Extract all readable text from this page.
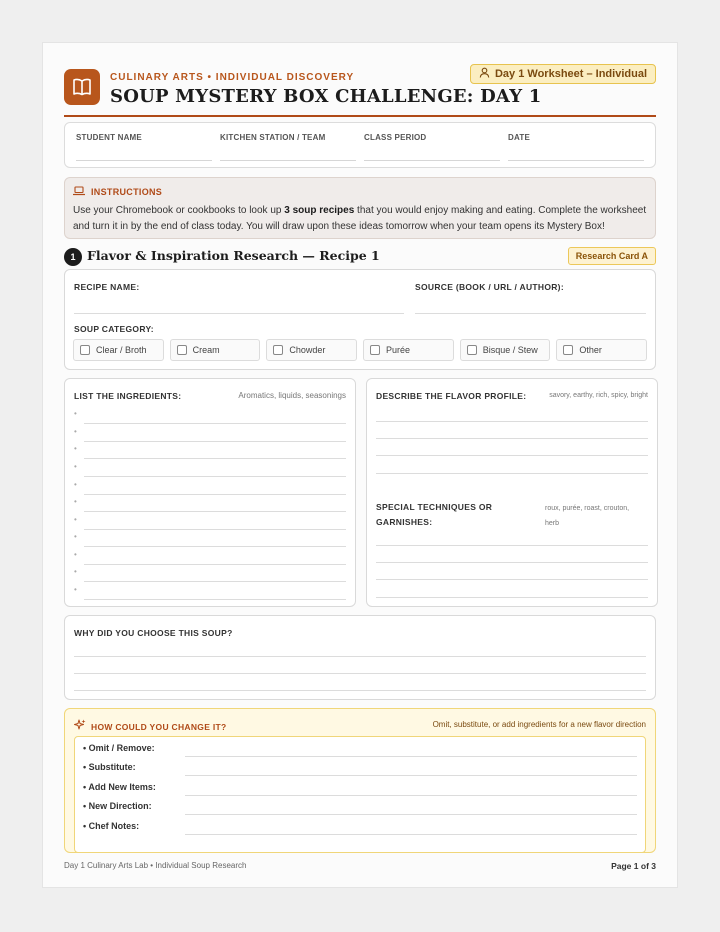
CULINARY ARTS • INDIVIDUAL DISCOVERY
SOUP MYSTERY BOX CHALLENGE: DAY 1
Day 1 Worksheet – Individual
STUDENT NAME	KITCHEN STATION / TEAM	CLASS PERIOD	DATE
INSTRUCTIONS
Use your Chromebook or cookbooks to look up 3 soup recipes that you would enjoy making and eating. Complete the worksheet and turn it in by the end of class today. You will draw upon these ideas tomorrow when your team opens its Mystery Box!
1 Flavor & Inspiration Research — Recipe 1	Research Card A
RECIPE NAME:	SOURCE (BOOK / URL / AUTHOR):
SOUP CATEGORY:
Clear / Broth	Cream	Chowder	Purée	Bisque / Stew	Other
LIST THE INGREDIENTS:	Aromatics, liquids, seasonings
•
•
•
•
•
•
•
•
•
•
•
DESCRIBE THE FLAVOR PROFILE:	savory, earthy, rich, spicy, bright
SPECIAL TECHNIQUES OR
GARNISHES:
roux, purée, roast, crouton,
herb
WHY DID YOU CHOOSE THIS SOUP?
HOW COULD YOU CHANGE IT?	Omit, substitute, or add ingredients for a new flavor direction
• Omit / Remove:
• Substitute:
• Add New Items:
• New Direction:
• Chef Notes:
Day 1 Culinary Arts Lab • Individual Soup Research	Page 1 of 3
